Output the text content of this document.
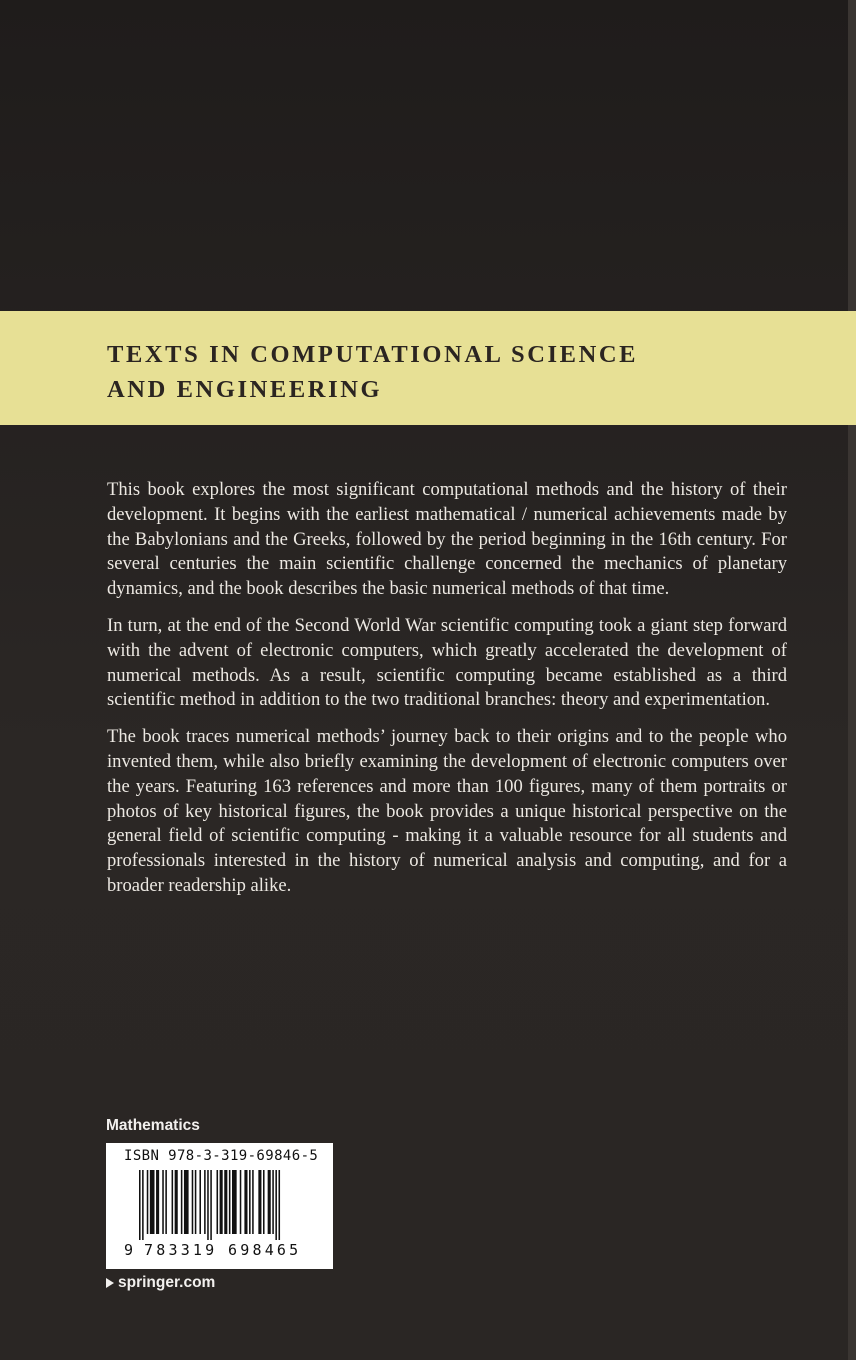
TEXTS IN COMPUTATIONAL SCIENCE
AND ENGINEERING

This book explores the most significant computational methods and the history of their development. It begins with the earliest mathematical / numerical achievements made by the Babylonians and the Greeks, followed by the period beginning in the 16th century. For several centuries the main scientific challenge concerned the mechanics of planetary dynamics, and the book describes the basic numerical methods of that time.

In turn, at the end of the Second World War scientific computing took a giant step forward with the advent of electronic computers, which greatly accelerated the development of numerical methods. As a result, scientific computing became established as a third scientific method in addition to the two traditional branches: theory and experimentation.

The book traces numerical methods’ journey back to their origins and to the people who invented them, while also briefly examining the development of electronic computers over the years. Featuring 163 references and more than 100 figures, many of them portraits or photos of key historical figures, the book provides a unique historical perspective on the general field of scientific computing - making it a valuable resource for all students and professionals interested in the history of numerical analysis and computing, and for a broader readership alike.

Mathematics
ISBN 978-3-319-69846-5
9 783319 698465
springer.com
